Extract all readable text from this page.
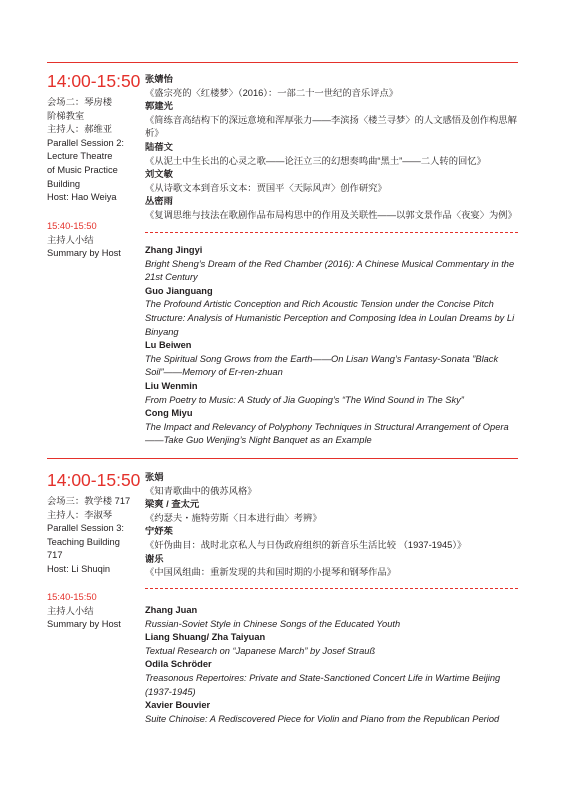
14:00-15:50
会场二：琴房楼
阶梯教室
主持人：郝维亚
Parallel Session 2:
Lecture Theatre
of Music Practice
Building
Host: Hao Weiya
15:40-15:50
主持人小结
Summary by Host
张婧怡
《盛宗亮的〈红楼梦〉（2016）：一部二十一世纪的音乐评点》
郭建光
《简练音高结构下的深远意境和浑厚张力——李滨扬〈楼兰寻梦〉的人文感悟及创作构思解析》
陆蓓文
《从泥土中生长出的心灵之歌——论汪立三的幻想奏鸣曲“黑土”——二人转的回忆》
刘文敏
《从诗歌文本到音乐文本：贾国平〈天际风声〉创作研究》
丛密雨
《复调思维与技法在歌剧作品布局构思中的作用及关联性——以郭文景作品〈夜宴〉为例》
Zhang Jingyi
Bright Sheng’s Dream of the Red Chamber (2016): A Chinese Musical Commentary in the 21st Century
Guo Jianguang
The Profound Artistic Conception and Rich Acoustic Tension under the Concise Pitch Structure: Analysis of Humanistic Perception and Composing Idea in Loulan Dreams by Li Binyang
Lu Beiwen
The Spiritual Song Grows from the Earth——On Lisan Wang’s Fantasy-Sonata ”Black Soil”——Memory of Er-ren-zhuan
Liu Wenmin
From Poetry to Music: A Study of Jia Guoping’s “The Wind Sound in The Sky”
Cong Miyu
The Impact and Relevancy of Polyphony Techniques in Structural Arrangement of Opera ——Take Guo Wenjing’s Night Banquet as an Example
14:00-15:50
会场三：教学楼 717
主持人：李淑琴
Parallel Session 3:
Teaching Building
717
Host: Li Shuqin
15:40-15:50
主持人小结
Summary by Host
张娟
《知青歌曲中的俄苏风格》
梁爽 / 查太元
《约瑟夫・施特劳斯〈日本进行曲〉考辨》
宁妤茱
《奸伪曲目：战时北京私人与日伪政府组织的新音乐生活比较 （1937-1945）》
谢乐
《中国风组曲：重新发现的共和国时期的小提琴和钢琴作品》
Zhang Juan
Russian-Soviet Style in Chinese Songs of the Educated Youth
Liang Shuang/ Zha Taiyuan
Textual Research on “Japanese March” by Josef Strauß
Odila Schröder
Treasonous Repertoires: Private and State-Sanctioned Concert Life in Wartime Beijing (1937-1945)
Xavier Bouvier
Suite Chinoise: A Rediscovered Piece for Violin and Piano from the Republican Period
